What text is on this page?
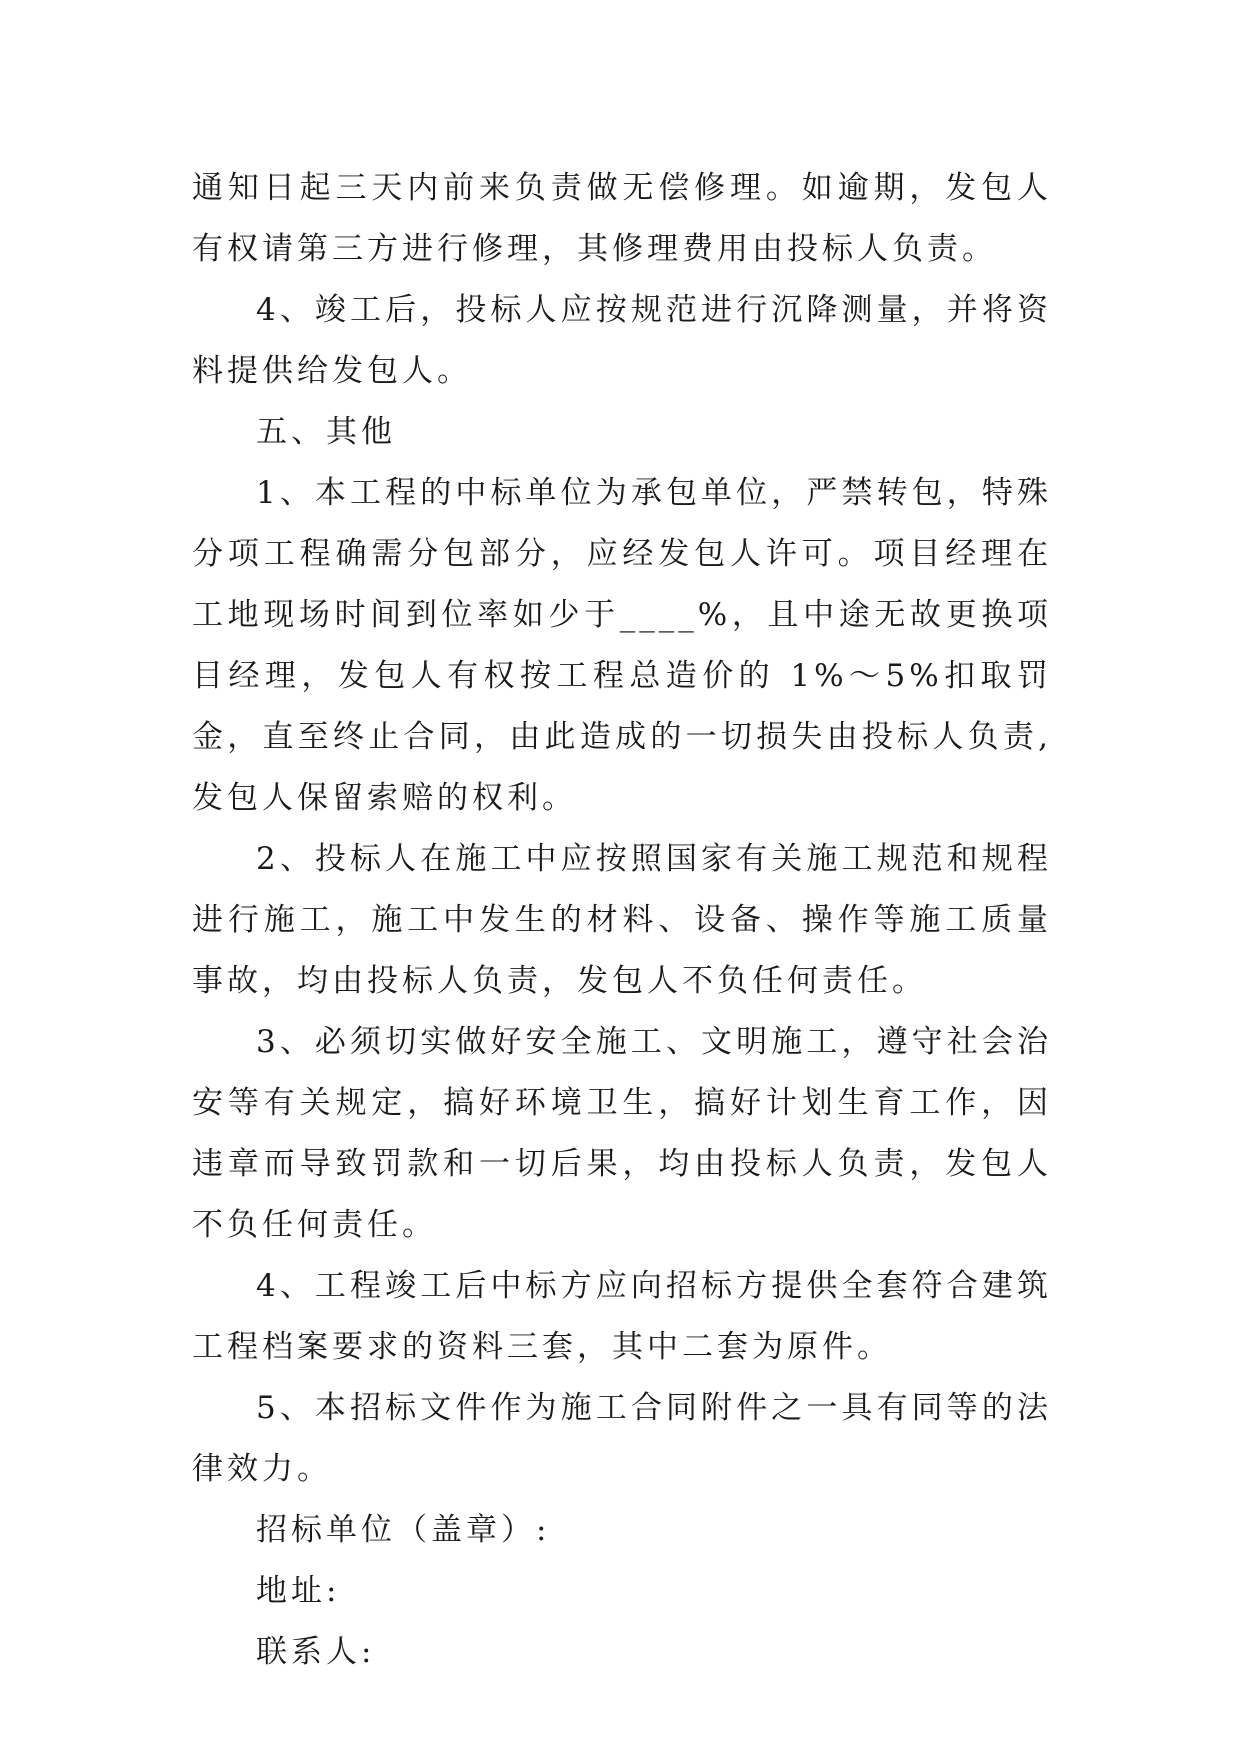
通知日起三天内前来负责做无偿修理。如逾期，发包人有权请第三方进行修理，其修理费用由投标人负责。

4、竣工后，投标人应按规范进行沉降测量，并将资料提供给发包人。

五、其他

1、本工程的中标单位为承包单位，严禁转包，特殊分项工程确需分包部分，应经发包人许可。项目经理在工地现场时间到位率如少于____%，且中途无故更换项目经理，发包人有权按工程总造价的 1%～5%扣取罚金，直至终止合同，由此造成的一切损失由投标人负责,发包人保留索赔的权利。

2、投标人在施工中应按照国家有关施工规范和规程进行施工，施工中发生的材料、设备、操作等施工质量事故，均由投标人负责，发包人不负任何责任。

3、必须切实做好安全施工、文明施工，遵守社会治安等有关规定，搞好环境卫生，搞好计划生育工作，因违章而导致罚款和一切后果，均由投标人负责，发包人不负任何责任。

4、工程竣工后中标方应向招标方提供全套符合建筑工程档案要求的资料三套，其中二套为原件。

5、本招标文件作为施工合同附件之一具有同等的法律效力。

招标单位（盖章）:

地址:

联系人:
